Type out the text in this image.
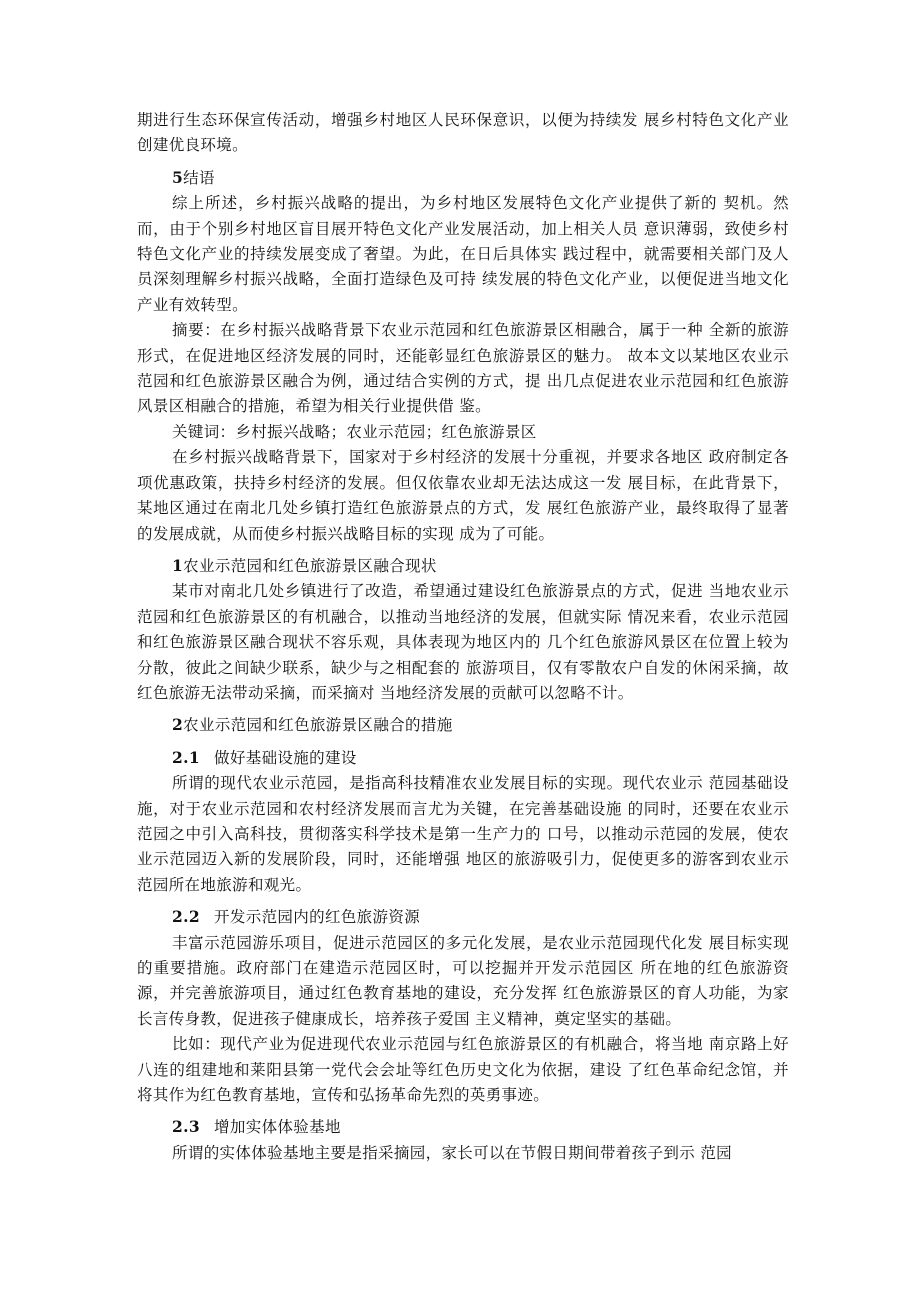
期进行生态环保宣传活动，增强乡村地区人民环保意识，以便为持续发 展乡村特色文化产业创建优良环境。

5结语

综上所述，乡村振兴战略的提出，为乡村地区发展特色文化产业提供了新的 契机。然而，由于个别乡村地区盲目展开特色文化产业发展活动，加上相关人员 意识薄弱，致使乡村特色文化产业的持续发展变成了奢望。为此，在日后具体实 践过程中，就需要相关部门及人员深刻理解乡村振兴战略，全面打造绿色及可持 续发展的特色文化产业，以便促进当地文化产业有效转型。

摘要：在乡村振兴战略背景下农业示范园和红色旅游景区相融合，属于一种 全新的旅游形式，在促进地区经济发展的同时，还能彰显红色旅游景区的魅力。 故本文以某地区农业示范园和红色旅游景区融合为例，通过结合实例的方式，提 出几点促进农业示范园和红色旅游风景区相融合的措施，希望为相关行业提供借 鉴。

关键词：乡村振兴战略；农业示范园；红色旅游景区

在乡村振兴战略背景下，国家对于乡村经济的发展十分重视，并要求各地区 政府制定各项优惠政策，扶持乡村经济的发展。但仅依靠农业却无法达成这一发 展目标，在此背景下，某地区通过在南北几处乡镇打造红色旅游景点的方式，发 展红色旅游产业，最终取得了显著的发展成就，从而使乡村振兴战略目标的实现 成为了可能。

1农业示范园和红色旅游景区融合现状

某市对南北几处乡镇进行了改造，希望通过建设红色旅游景点的方式，促进 当地农业示范园和红色旅游景区的有机融合，以推动当地经济的发展，但就实际 情况来看，农业示范园和红色旅游景区融合现状不容乐观，具体表现为地区内的 几个红色旅游风景区在位置上较为分散，彼此之间缺少联系，缺少与之相配套的 旅游项目，仅有零散农户自发的休闲采摘，故红色旅游无法带动采摘，而采摘对 当地经济发展的贡献可以忽略不计。

2农业示范园和红色旅游景区融合的措施

2.1 做好基础设施的建设

所谓的现代农业示范园，是指高科技精准农业发展目标的实现。现代农业示 范园基础设施，对于农业示范园和农村经济发展而言尤为关键，在完善基础设施 的同时，还要在农业示范园之中引入高科技，贯彻落实科学技术是第一生产力的 口号，以推动示范园的发展，使农业示范园迈入新的发展阶段，同时，还能增强 地区的旅游吸引力，促使更多的游客到农业示范园所在地旅游和观光。

2.2 开发示范园内的红色旅游资源

丰富示范园游乐项目，促进示范园区的多元化发展，是农业示范园现代化发 展目标实现的重要措施。政府部门在建造示范园区时，可以挖掘并开发示范园区 所在地的红色旅游资源，并完善旅游项目，通过红色教育基地的建设，充分发挥 红色旅游景区的育人功能，为家长言传身教，促进孩子健康成长，培养孩子爱国 主义精神，奠定坚实的基础。

比如：现代产业为促进现代农业示范园与红色旅游景区的有机融合，将当地 南京路上好八连的组建地和莱阳县第一党代会会址等红色历史文化为依据，建设 了红色革命纪念馆，并将其作为红色教育基地，宣传和弘扬革命先烈的英勇事迹。

2.3 增加实体体验基地

所谓的实体体验基地主要是指采摘园，家长可以在节假日期间带着孩子到示 范园
